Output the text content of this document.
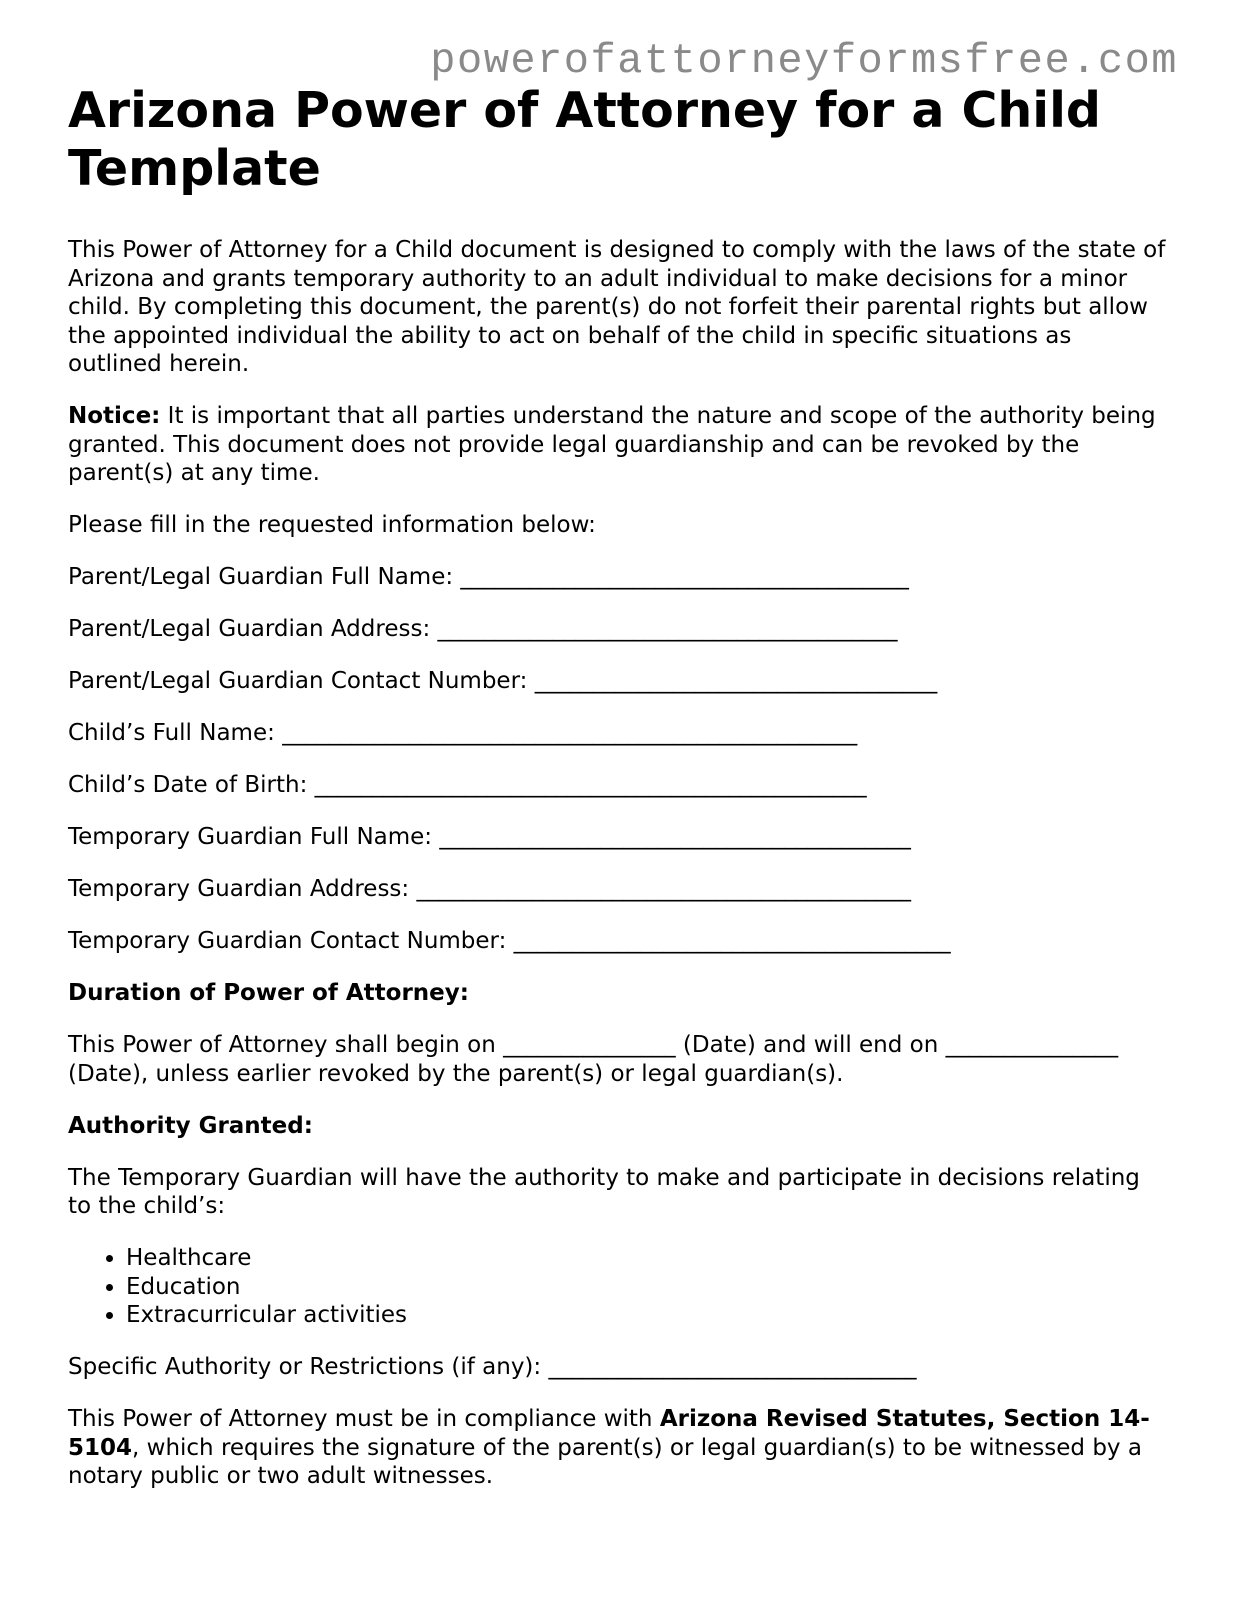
powerofattorneyformsfree.com
Arizona Power of Attorney for a Child Template

This Power of Attorney for a Child document is designed to comply with the laws of the state of Arizona and grants temporary authority to an adult individual to make decisions for a minor child. By completing this document, the parent(s) do not forfeit their parental rights but allow the appointed individual the ability to act on behalf of the child in specific situations as outlined herein.

Notice: It is important that all parties understand the nature and scope of the authority being granted. This document does not provide legal guardianship and can be revoked by the parent(s) at any time.

Please fill in the requested information below:

Parent/Legal Guardian Full Name: _______________________________________

Parent/Legal Guardian Address: ________________________________________

Parent/Legal Guardian Contact Number: ___________________________________

Child’s Full Name: __________________________________________________

Child’s Date of Birth: ________________________________________________

Temporary Guardian Full Name: _________________________________________

Temporary Guardian Address: ___________________________________________

Temporary Guardian Contact Number: ______________________________________

Duration of Power of Attorney:

This Power of Attorney shall begin on _______________ (Date) and will end on _______________ (Date), unless earlier revoked by the parent(s) or legal guardian(s).

Authority Granted:

The Temporary Guardian will have the authority to make and participate in decisions relating to the child’s:

• Healthcare
• Education
• Extracurricular activities

Specific Authority or Restrictions (if any): ________________________________

This Power of Attorney must be in compliance with Arizona Revised Statutes, Section 14-5104, which requires the signature of the parent(s) or legal guardian(s) to be witnessed by a notary public or two adult witnesses.
